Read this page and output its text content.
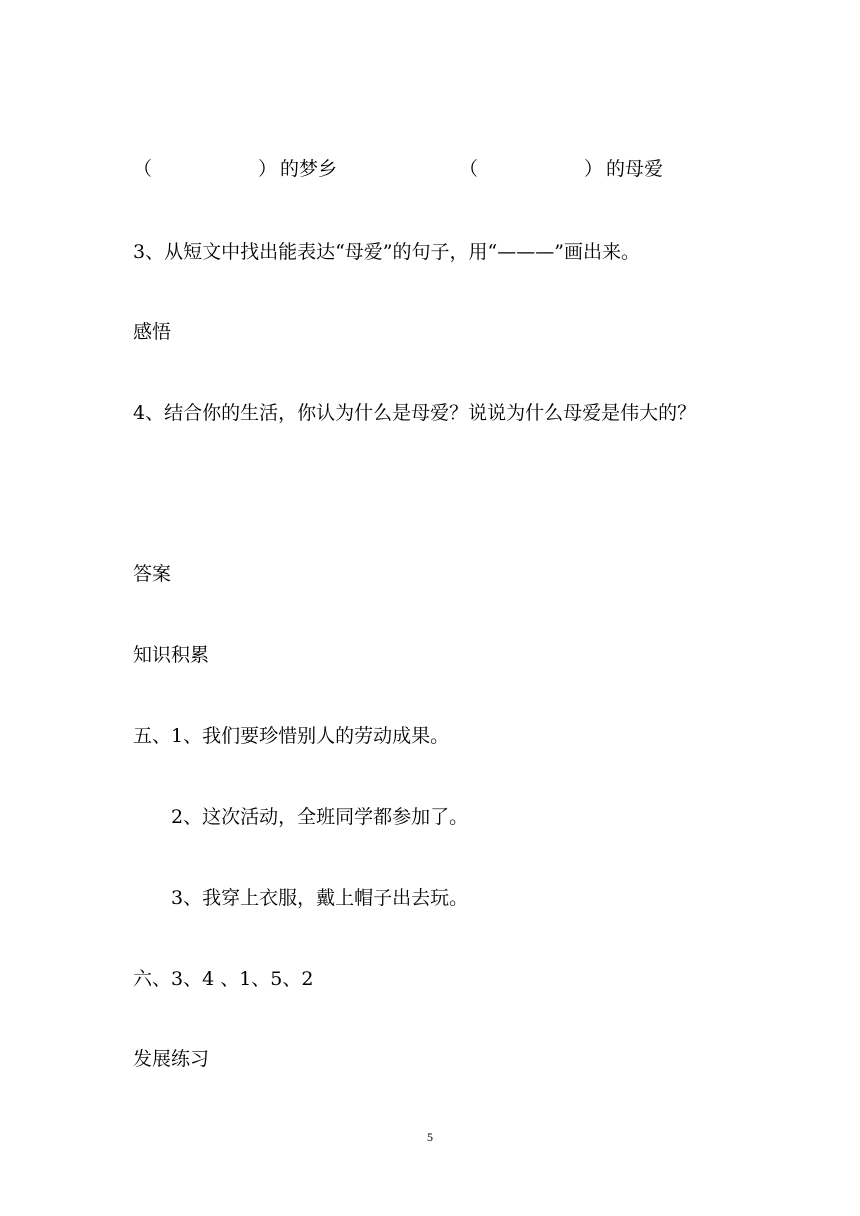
（

	）

的梦乡

	（

	）

的母爱

3、从短文中找出能表达“母爱”的句子，用“———”画出来。

感悟

4、结合你的生活，你认为什么是母爱？说说为什么母爱是伟大的？

答案

知识积累

五、1、我们要珍惜别人的劳动成果。

2、这次活动，全班同学都参加了。

3、我穿上衣服，戴上帽子出去玩。

六、3、4 、1、5、2

发展练习

5
